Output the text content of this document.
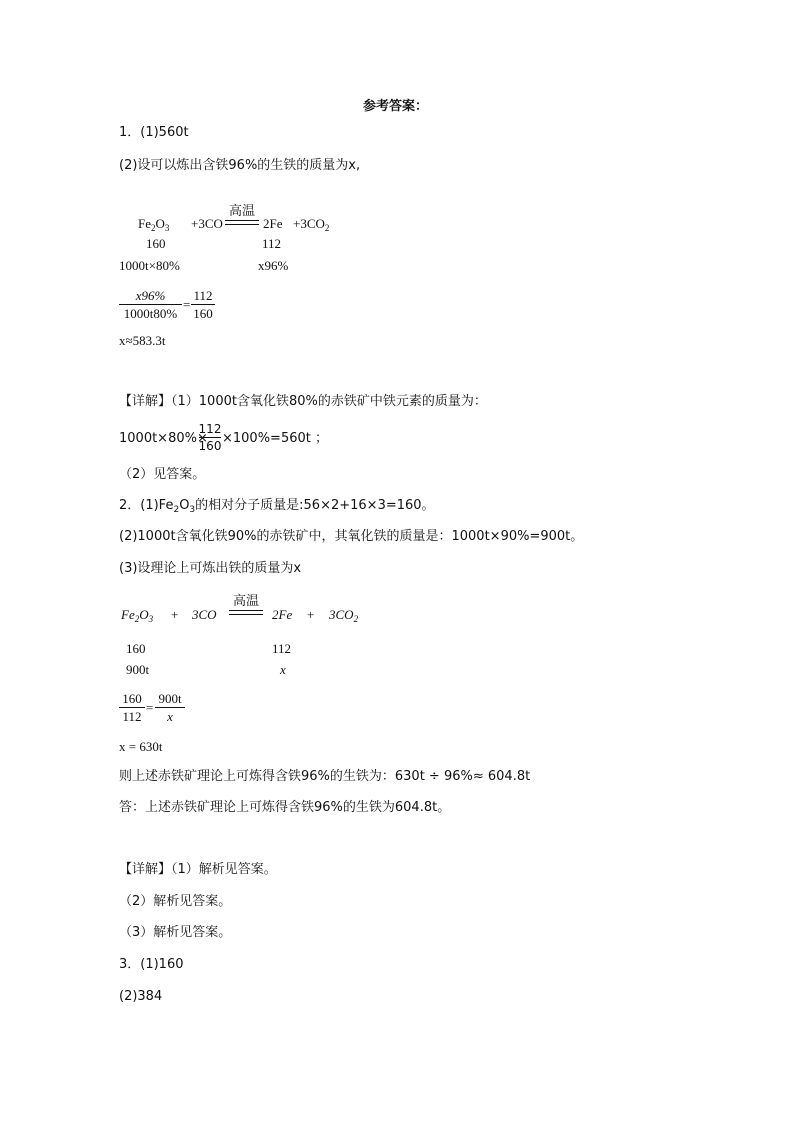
参考答案：
1．(1)560t
(2)设可以炼出含铁96%的生铁的质量为x,
$Fe_2O_3 +3CO$
高温
$2Fe +3CO_2$
160	112
1000t×80%	x96%
x96%
1000t80%
=
112
160
x≈583.3t
【详解】（1）1000t含氧化铁80%的赤铁矿中铁元素的质量为：
1000t×80%×
112
160 ×100%=560t ；
（2）见答案。
2．$(1)Fe_2O_3$的相对分子质量是:56×2+16×3=160。
(2)1000t含氧化铁90%的赤铁矿中，其氧化铁的质量是：1000t×90%=900t。
(3)设理论上可炼出铁的质量为x
$Fe_2O_3 + 3CO$
高温
$2Fe + 3CO_2$
160	112
900t	x
160
112
=
900t
x
x = 630t
则上述赤铁矿理论上可炼得含铁96%的生铁为：630t ÷ 96%≈ 604.8t
答：上述赤铁矿理论上可炼得含铁96%的生铁为604.8t。
【详解】（1）解析见答案。
（2）解析见答案。
（3）解析见答案。
3．(1)160
(2)384
